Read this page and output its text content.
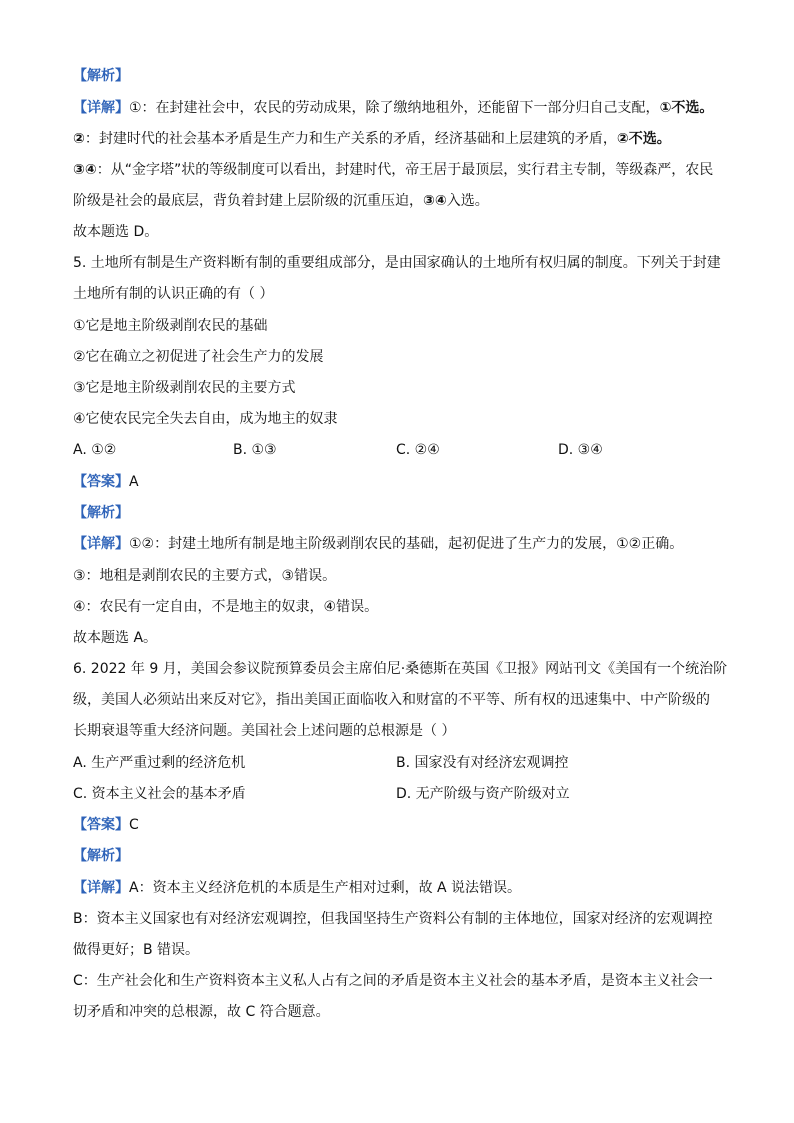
【解析】
【详解】①：在封建社会中，农民的劳动成果，除了缴纳地租外，还能留下一部分归自己支配，①不选。
②：封建时代的社会基本矛盾是生产力和生产关系的矛盾，经济基础和上层建筑的矛盾，②不选。
③④：从“金字塔”状的等级制度可以看出，封建时代，帝王居于最顶层，实行君主专制，等级森严，农民
阶级是社会的最底层，背负着封建上层阶级的沉重压迫，③④入选。
故本题选 D。
5. 土地所有制是生产资料断有制的重要组成部分，是由国家确认的土地所有权归属的制度。下列关于封建
土地所有制的认识正确的有（ ）
①它是地主阶级剥削农民的基础
②它在确立之初促进了社会生产力的发展
③它是地主阶级剥削农民的主要方式
④它使农民完全失去自由，成为地主的奴隶
A. ①②	B. ①③	C. ②④	D. ③④
【答案】A
【解析】
【详解】①②：封建土地所有制是地主阶级剥削农民的基础，起初促进了生产力的发展，①②正确。
③：地租是剥削农民的主要方式，③错误。
④：农民有一定自由，不是地主的奴隶，④错误。
故本题选 A。
6. 2022 年 9 月，美国会参议院预算委员会主席伯尼·桑德斯在英国《卫报》网站刊文《美国有一个统治阶
级，美国人必须站出来反对它》，指出美国正面临收入和财富的不平等、所有权的迅速集中、中产阶级的
长期衰退等重大经济问题。美国社会上述问题的总根源是（ ）
A. 生产严重过剩的经济危机	B. 国家没有对经济宏观调控
C. 资本主义社会的基本矛盾	D. 无产阶级与资产阶级对立
【答案】C
【解析】
【详解】A：资本主义经济危机的本质是生产相对过剩，故 A 说法错误。
B：资本主义国家也有对经济宏观调控，但我国坚持生产资料公有制的主体地位，国家对经济的宏观调控
做得更好；B 错误。
C：生产社会化和生产资料资本主义私人占有之间的矛盾是资本主义社会的基本矛盾，是资本主义社会一
切矛盾和冲突的总根源，故 C 符合题意。
